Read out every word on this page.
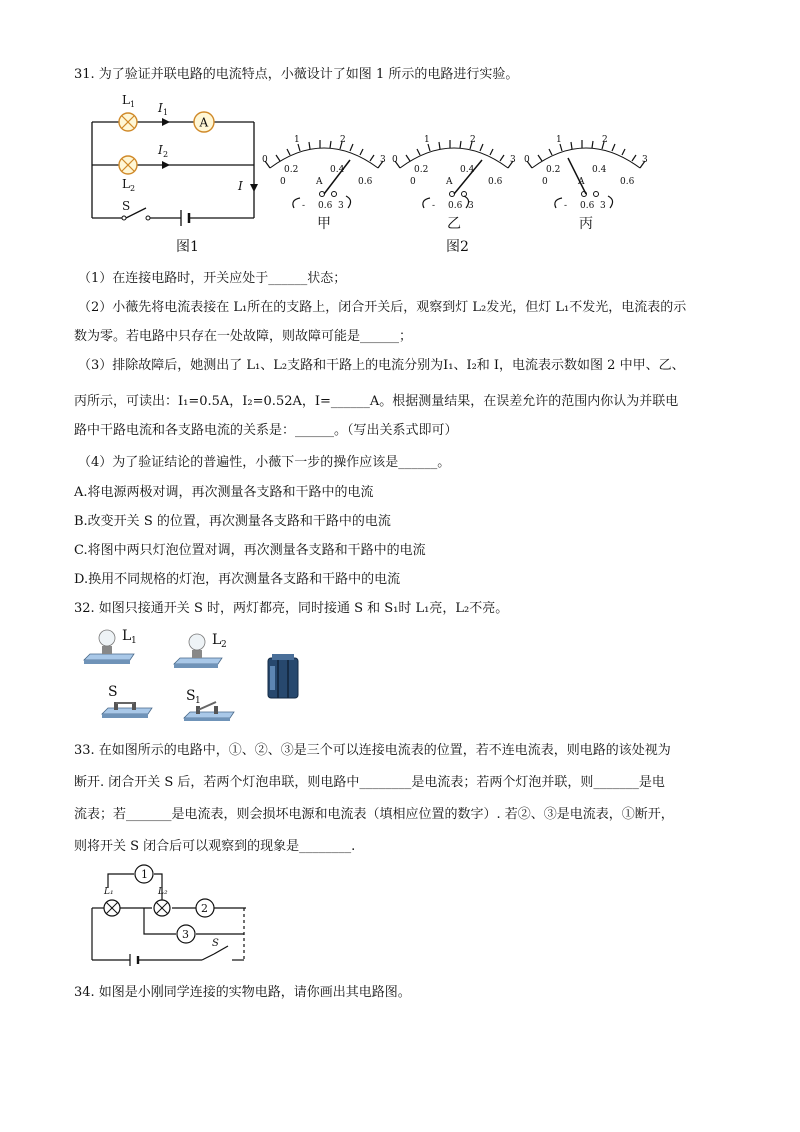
31. 为了验证并联电路的电流特点，小薇设计了如图 1 所示的电路进行实验。
A
L 1 I 1
I 2
L 2	I
S
图1
甲	乙	丙
图2
（1）在连接电路时，开关应处于______状态；
（2）小薇先将电流表接在 L₁所在的支路上，闭合开关后，观察到灯 L₂发光，但灯 L₁不发光，电流表的示
数为零。若电路中只存在一处故障，则故障可能是______；
（3）排除故障后，她测出了 L₁、L₂支路和干路上的电流分别为I₁、I₂和 I，电流表示数如图 2 中甲、乙、
丙所示，可读出：I₁=0.5A，I₂=0.52A，I=______A。根据测量结果，在误差允许的范围内你认为并联电
路中干路电流和各支路电流的关系是：______。（写出关系式即可）
（4）为了验证结论的普遍性，小薇下一步的操作应该是______。
A.将电源两极对调，再次测量各支路和干路中的电流
B.改变开关 S 的位置，再次测量各支路和干路中的电流
C.将图中两只灯泡位置对调，再次测量各支路和干路中的电流
D.换用不同规格的灯泡，再次测量各支路和干路中的电流
32. 如图只接通开关 S 时，两灯都亮，同时接通 S 和 S₁时 L₁亮，L₂不亮。
L 1	L 2
S	S 1
33. 在如图所示的电路中，①、②、③是三个可以连接电流表的位置，若不连电流表，则电路的该处视为
断开. 闭合开关 S 后，若两个灯泡串联，则电路中________是电流表；若两个灯泡并联，则_______是电
流表；若_______是电流表，则会损坏电源和电流表（填相应位置的数字）. 若②、③是电流表，①断开，
则将开关 S 闭合后可以观察到的现象是________.
1
2
3
L₁	L₂
S
34. 如图是小刚同学连接的实物电路，请你画出其电路图。
